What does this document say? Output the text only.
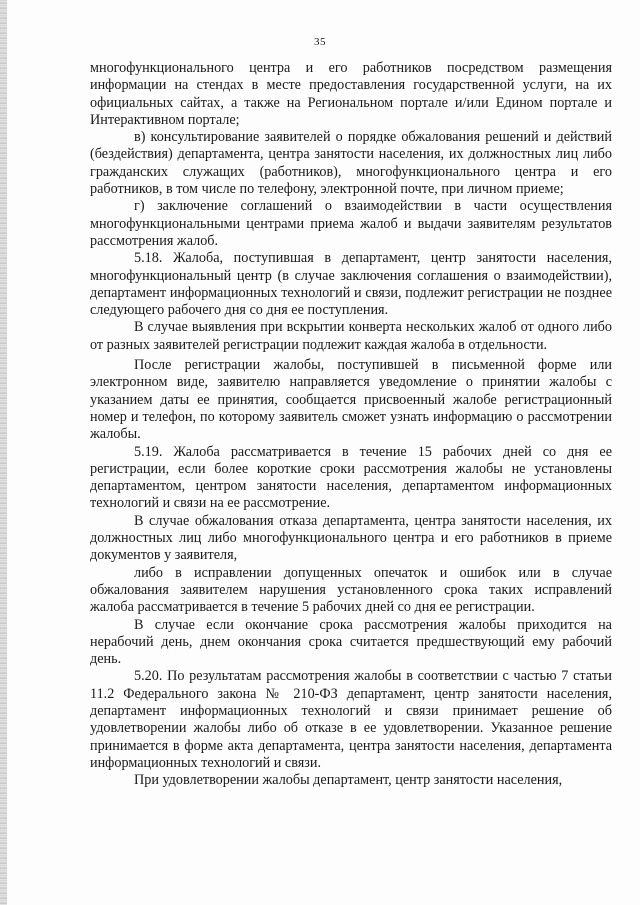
35

многофункционального центра и его работников посредством размещения информации на стендах в месте предоставления государственной услуги, на их официальных сайтах, а также на Региональном портале и/или Едином портале и Интерактивном портале;

в) консультирование заявителей о порядке обжалования решений и действий (бездействия) департамента, центра занятости населения, их должностных лиц либо гражданских служащих (работников), многофункционального центра и его работников, в том числе по телефону, электронной почте, при личном приеме;

г) заключение соглашений о взаимодействии в части осуществления многофункциональными центрами приема жалоб и выдачи заявителям результатов рассмотрения жалоб.

5.18. Жалоба, поступившая в департамент, центр занятости населения, многофункциональный центр (в случае заключения соглашения о взаимодействии), департамент информационных технологий и связи, подлежит регистрации не позднее следующего рабочего дня со дня ее поступления.

В случае выявления при вскрытии конверта нескольких жалоб от одного либо от разных заявителей регистрации подлежит каждая жалоба в отдельности.

После регистрации жалобы, поступившей в письменной форме или электронном виде, заявителю направляется уведомление о принятии жалобы с указанием даты ее принятия, сообщается присвоенный жалобе регистрационный номер и телефон, по которому заявитель сможет узнать информацию о рассмотрении жалобы.

5.19. Жалоба рассматривается в течение 15 рабочих дней со дня ее регистрации, если более короткие сроки рассмотрения жалобы не установлены департаментом, центром занятости населения, департаментом информационных технологий и связи на ее рассмотрение.

В случае обжалования отказа департамента, центра занятости населения, их должностных лиц либо многофункционального центра и его работников в приеме документов у заявителя,

либо в исправлении допущенных опечаток и ошибок или в случае обжалования заявителем нарушения установленного срока таких исправлений жалоба рассматривается в течение 5 рабочих дней со дня ее регистрации.

В случае если окончание срока рассмотрения жалобы приходится на нерабочий день, днем окончания срока считается предшествующий ему рабочий день.

5.20. По результатам рассмотрения жалобы в соответствии с частью 7 статьи 11.2 Федерального закона № 210-ФЗ департамент, центр занятости населения, департамент информационных технологий и связи принимает решение об удовлетворении жалобы либо об отказе в ее удовлетворении. Указанное решение принимается в форме акта департамента, центра занятости населения, департамента информационных технологий и связи.

При удовлетворении жалобы департамент, центр занятости населения,
